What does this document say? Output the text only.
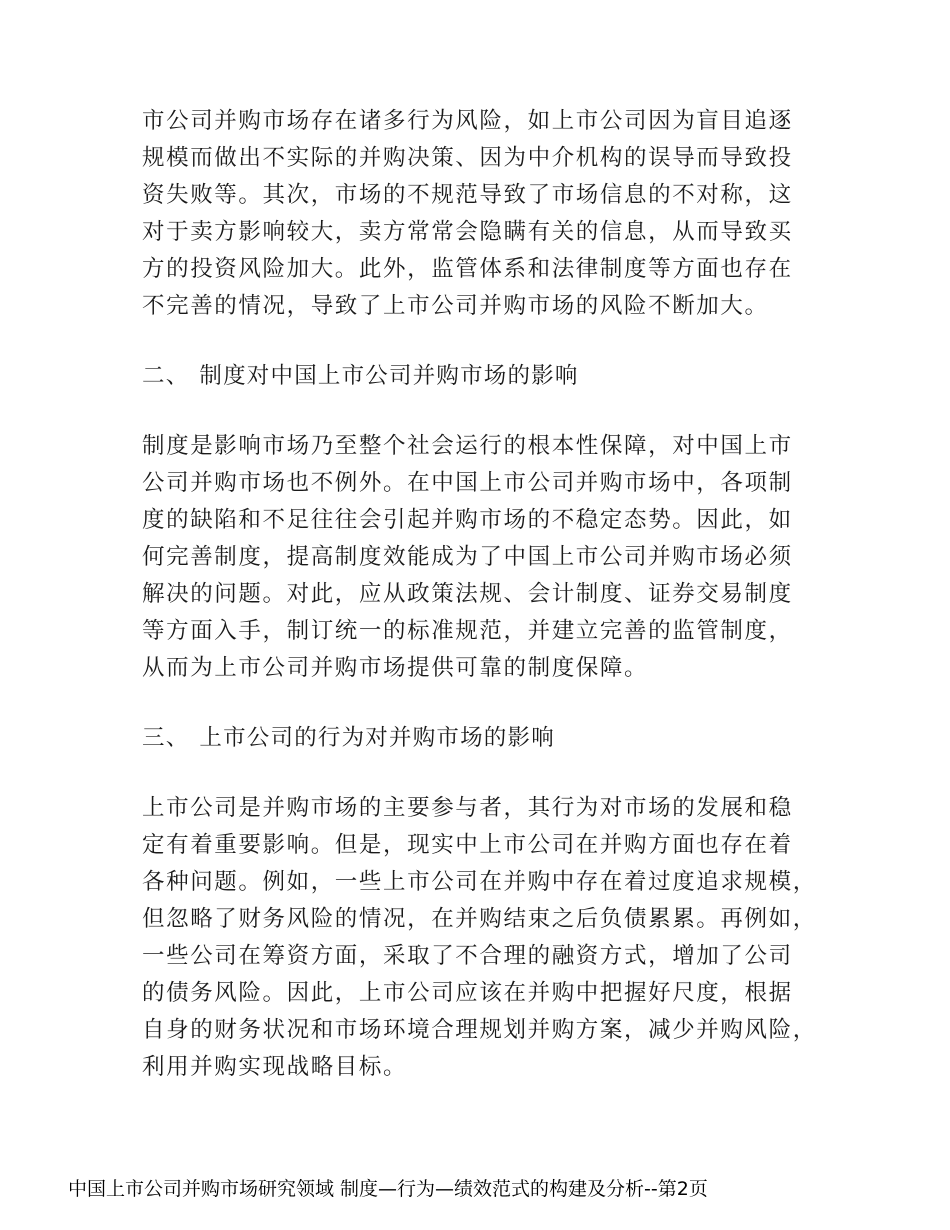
市公司并购市场存在诸多行为风险，如上市公司因为盲目追逐
规模而做出不实际的并购决策、因为中介机构的误导而导致投
资失败等。其次，市场的不规范导致了市场信息的不对称，这
对于卖方影响较大，卖方常常会隐瞒有关的信息，从而导致买
方的投资风险加大。此外，监管体系和法律制度等方面也存在
不完善的情况，导致了上市公司并购市场的风险不断加大。
二、 制度对中国上市公司并购市场的影响
制度是影响市场乃至整个社会运行的根本性保障，对中国上市
公司并购市场也不例外。在中国上市公司并购市场中，各项制
度的缺陷和不足往往会引起并购市场的不稳定态势。因此，如
何完善制度，提高制度效能成为了中国上市公司并购市场必须
解决的问题。对此，应从政策法规、会计制度、证券交易制度
等方面入手，制订统一的标准规范，并建立完善的监管制度，
从而为上市公司并购市场提供可靠的制度保障。
三、 上市公司的行为对并购市场的影响
上市公司是并购市场的主要参与者，其行为对市场的发展和稳
定有着重要影响。但是，现实中上市公司在并购方面也存在着
各种问题。例如，一些上市公司在并购中存在着过度追求规模，
但忽略了财务风险的情况，在并购结束之后负债累累。再例如，
一些公司在筹资方面，采取了不合理的融资方式，增加了公司
的债务风险。因此，上市公司应该在并购中把握好尺度，根据
自身的财务状况和市场环境合理规划并购方案，减少并购风险，
利用并购实现战略目标。
中国上市公司并购市场研究领域 制度—行为—绩效范式的构建及分析--第2页
